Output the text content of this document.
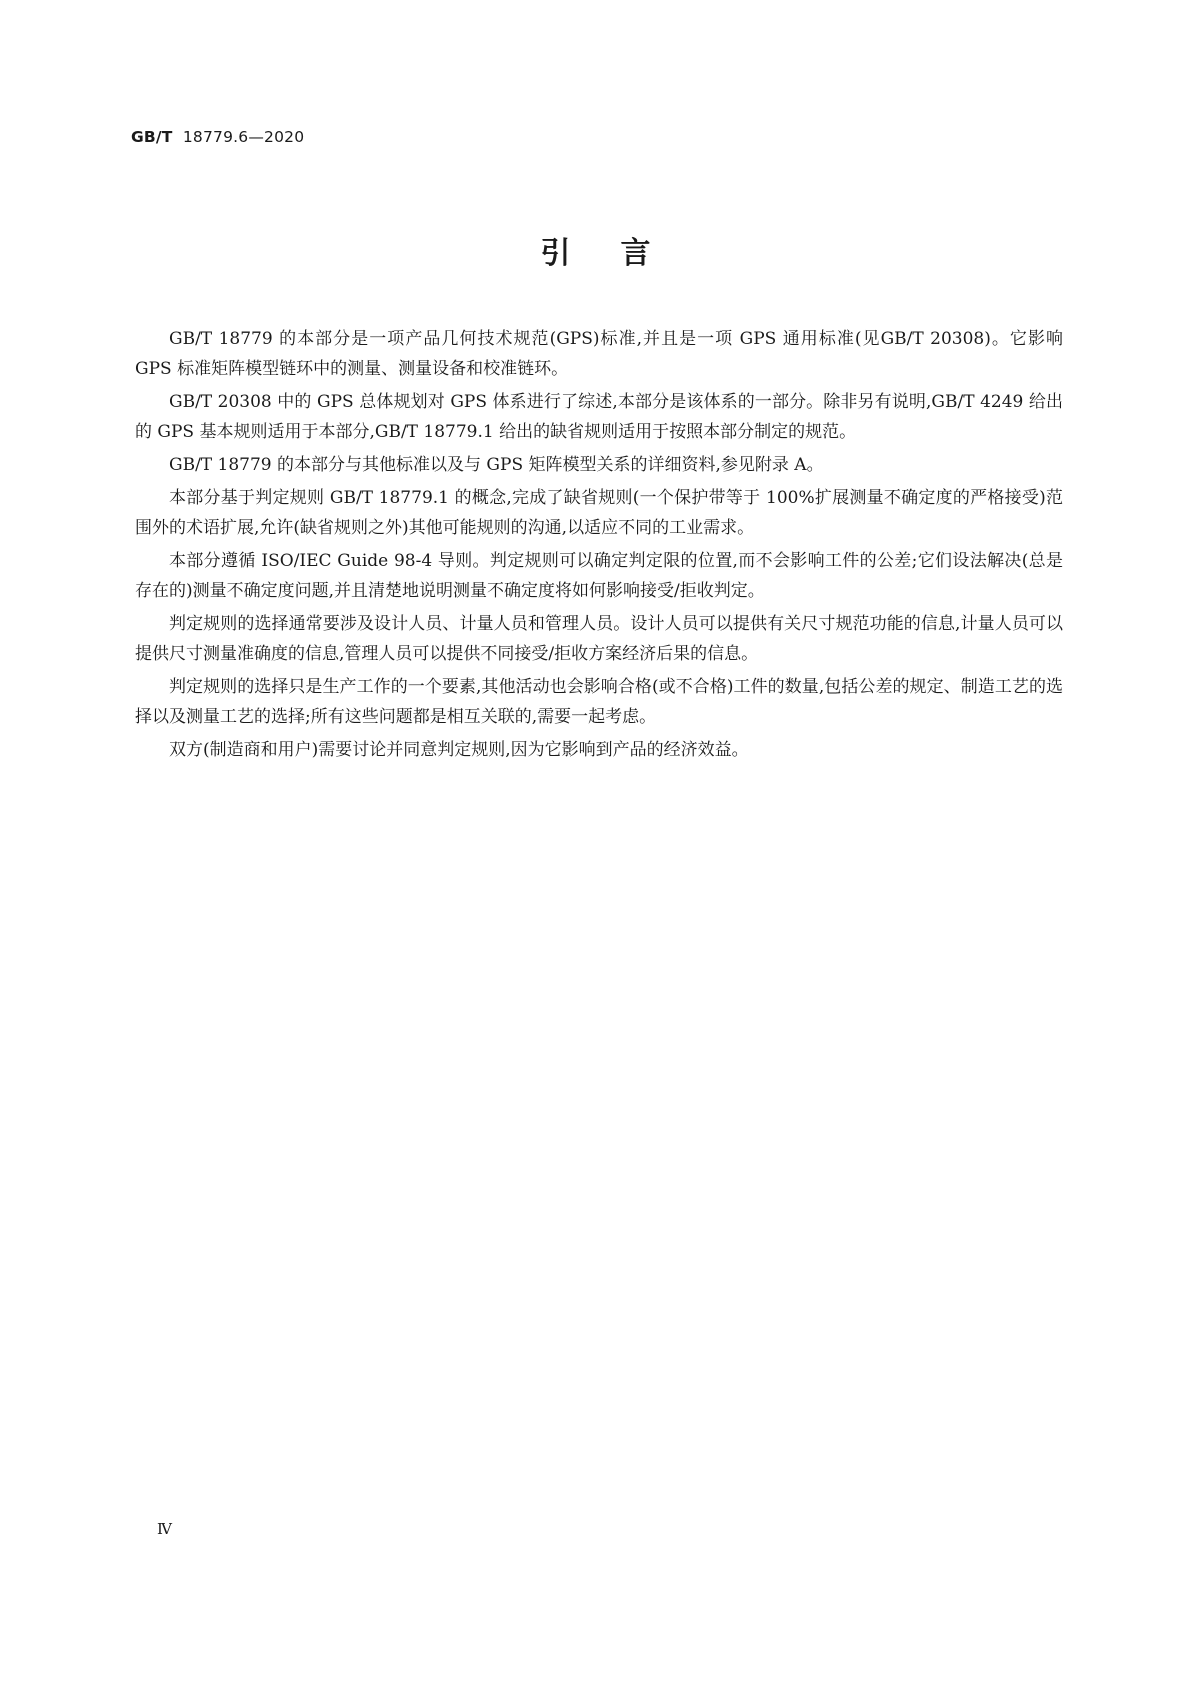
GB/T 18779.6—2020
引言

GB/T 18779 的本部分是一项产品几何技术规范(GPS)标准,并且是一项 GPS 通用标准(见GB/T 20308)。它影响 GPS 标准矩阵模型链环中的测量、测量设备和校准链环。

GB/T 20308 中的 GPS 总体规划对 GPS 体系进行了综述,本部分是该体系的一部分。除非另有说明,GB/T 4249 给出的 GPS 基本规则适用于本部分,GB/T 18779.1 给出的缺省规则适用于按照本部分制定的规范。

GB/T 18779 的本部分与其他标准以及与 GPS 矩阵模型关系的详细资料,参见附录 A。

本部分基于判定规则 GB/T 18779.1 的概念,完成了缺省规则(一个保护带等于 100%扩展测量不确定度的严格接受)范围外的术语扩展,允许(缺省规则之外)其他可能规则的沟通,以适应不同的工业需求。

本部分遵循 ISO/IEC Guide 98-4 导则。判定规则可以确定判定限的位置,而不会影响工件的公差;它们设法解决(总是存在的)测量不确定度问题,并且清楚地说明测量不确定度将如何影响接受/拒收判定。

判定规则的选择通常要涉及设计人员、计量人员和管理人员。设计人员可以提供有关尺寸规范功能的信息,计量人员可以提供尺寸测量准确度的信息,管理人员可以提供不同接受/拒收方案经济后果的信息。

判定规则的选择只是生产工作的一个要素,其他活动也会影响合格(或不合格)工件的数量,包括公差的规定、制造工艺的选择以及测量工艺的选择;所有这些问题都是相互关联的,需要一起考虑。

双方(制造商和用户)需要讨论并同意判定规则,因为它影响到产品的经济效益。

Ⅳ
